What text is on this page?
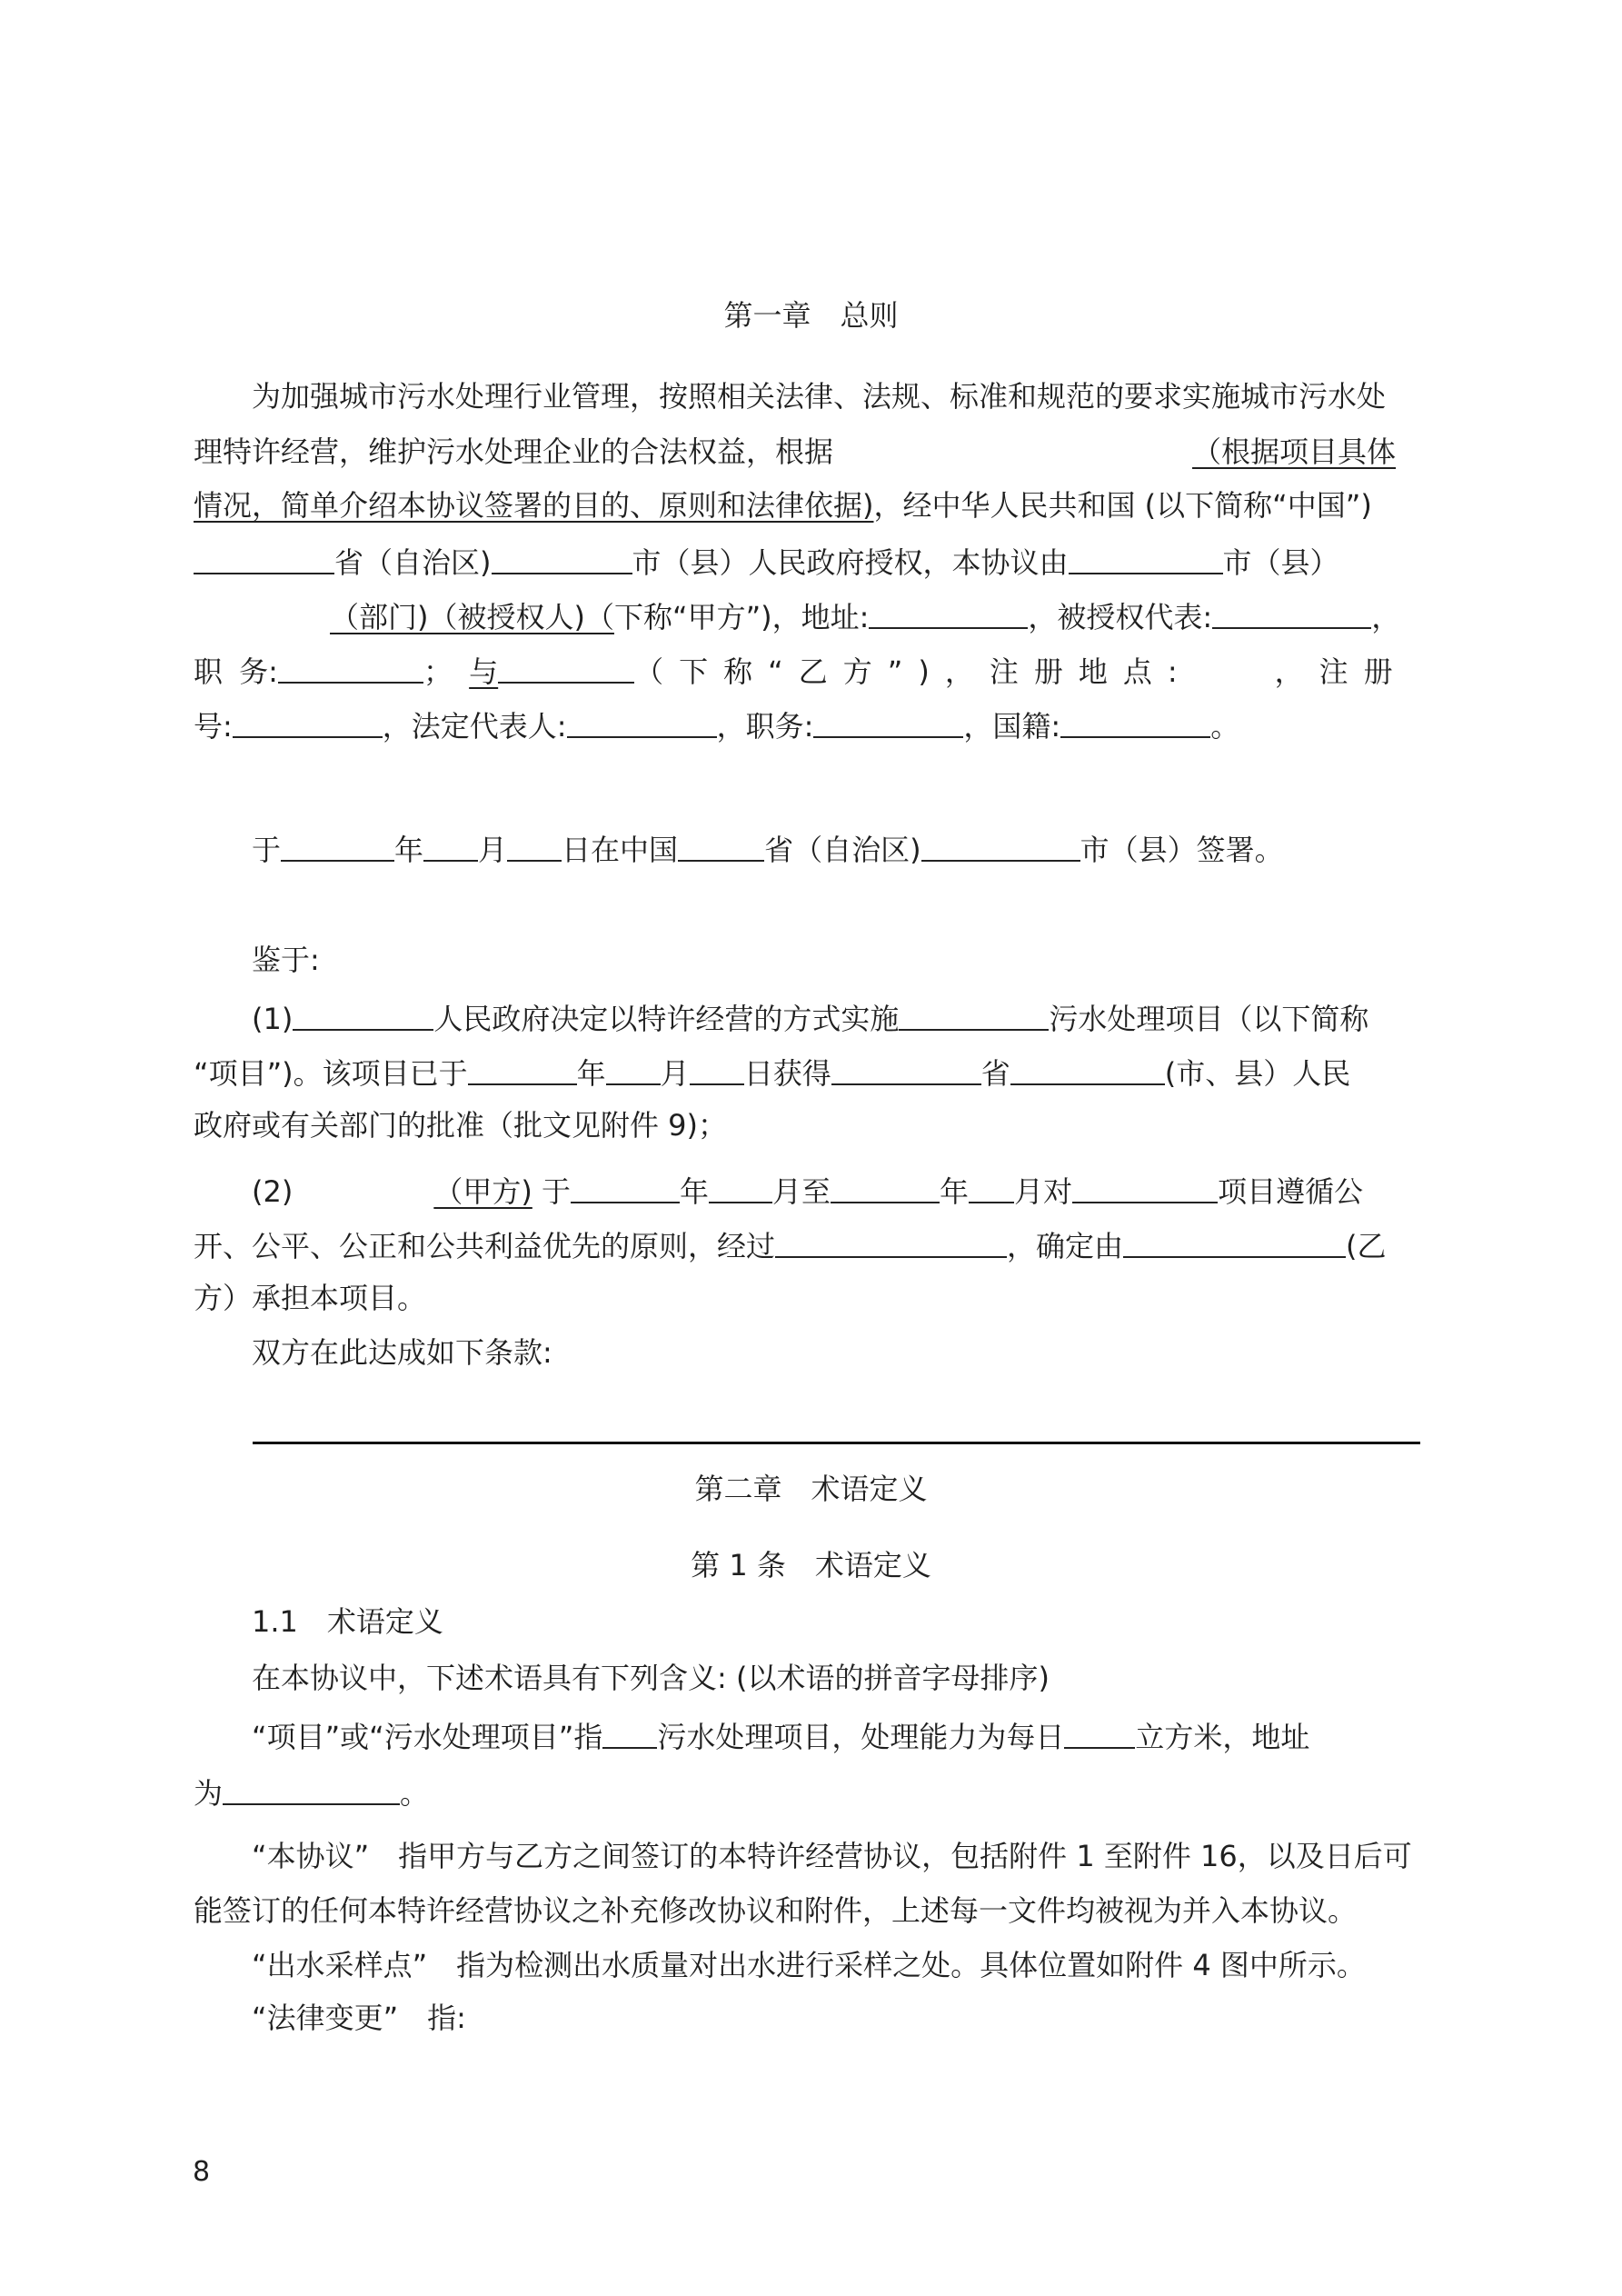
第一章　总则
为加强城市污水处理行业管理，按照相关法律、法规、标准和规范的要求实施城市污水处
理特许经营，维护污水处理企业的合法权益，根据	（根据项目具体
情况，简单介绍本协议签署的目的、原则和法律依据)，经中华人民共和国 (以下简称“中国”)
省（自治区)	市（县）人民政府授权，本协议由	市（县）
（部门)（被授权人)（下称“甲方”)，地址:	，被授权代表:	，
职 务:	； 与	（下称“乙方”)，注册地点:	，注册
号:	，法定代表人:	，职务:	，国籍:	。
于	年 月 日在中国	省（自治区)	市（县）签署。
鉴于:
(1)	人民政府决定以特许经营的方式实施	污水处理项目（以下简称
“项目”)。该项目已于	年 月 日获得	省	(市、县）人民
政府或有关部门的批准（批文见附件 9)；
(2)	（甲方) 于	年 月至	年 月对	项目遵循公
开、公平、公正和公共利益优先的原则，经过	，确定由	(乙
方）承担本项目。
双方在此达成如下条款:
第二章　术语定义
第 1 条　术语定义
1.1　术语定义
在本协议中，下述术语具有下列含义: (以术语的拼音字母排序)
“项目”或“污水处理项目”指 污水处理项目，处理能力为每日 立方米，地址
为	。
“本协议”　指甲方与乙方之间签订的本特许经营协议，包括附件 1 至附件 16，以及日后可
能签订的任何本特许经营协议之补充修改协议和附件，上述每一文件均被视为并入本协议。
“出水采样点”　指为检测出水质量对出水进行采样之处。具体位置如附件 4 图中所示。
“法律变更”　指:
8
